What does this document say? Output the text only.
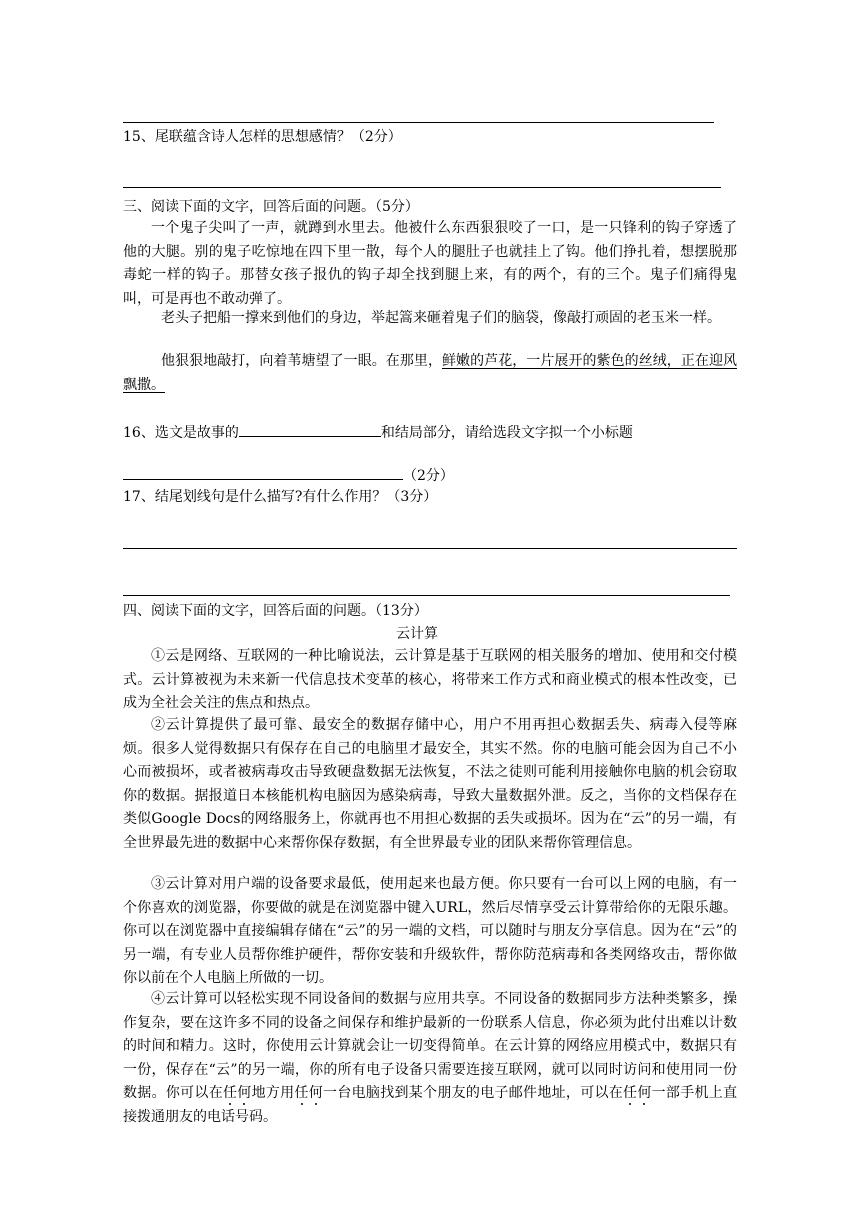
15、尾联蕴含诗人怎样的思想感情？（2分）
三、阅读下面的文字，回答后面的问题。（5分）
一个鬼子尖叫了一声，就蹲到水里去。他被什么东西狠狠咬了一口，是一只锋利的钩子穿透了他的大腿。别的鬼子吃惊地在四下里一散，每个人的腿肚子也就挂上了钩。他们挣扎着，想摆脱那毒蛇一样的钩子。那替女孩子报仇的钩子却全找到腿上来，有的两个，有的三个。鬼子们痛得鬼叫，可是再也不敢动弹了。
老头子把船一撑来到他们的身边，举起篙来砸着鬼子们的脑袋，像敲打顽固的老玉米一样。
他狠狠地敲打，向着苇塘望了一眼。在那里，鲜嫩的芦花，一片展开的紫色的丝绒，正在迎风飘撒。
16、选文是故事的	和结局部分，请给选段文字拟一个小标题
（2分）
17、结尾划线句是什么描写?有什么作用？（3分）
四、阅读下面的文字，回答后面的问题。（13分）
云计算
①云是网络、互联网的一种比喻说法，云计算是基于互联网的相关服务的增加、使用和交付模式。云计算被视为未来新一代信息技术变革的核心，将带来工作方式和商业模式的根本性改变，已成为全社会关注的焦点和热点。
②云计算提供了最可靠、最安全的数据存储中心，用户不用再担心数据丢失、病毒入侵等麻烦。很多人觉得数据只有保存在自己的电脑里才最安全，其实不然。你的电脑可能会因为自己不小心而被损坏，或者被病毒攻击导致硬盘数据无法恢复，不法之徒则可能利用接触你电脑的机会窃取你的数据。据报道日本核能机构电脑因为感染病毒，导致大量数据外泄。反之，当你的文档保存在类似Google Docs的网络服务上，你就再也不用担心数据的丢失或损坏。因为在“云”的另一端，有全世界最先进的数据中心来帮你保存数据，有全世界最专业的团队来帮你管理信息。
③云计算对用户端的设备要求最低，使用起来也最方便。你只要有一台可以上网的电脑，有一个你喜欢的浏览器，你要做的就是在浏览器中键入URL，然后尽情享受云计算带给你的无限乐趣。你可以在浏览器中直接编辑存储在“云”的另一端的文档，可以随时与朋友分享信息。因为在“云”的另一端，有专业人员帮你维护硬件，帮你安装和升级软件，帮你防范病毒和各类网络攻击，帮你做你以前在个人电脑上所做的一切。
④云计算可以轻松实现不同设备间的数据与应用共享。不同设备的数据同步方法种类繁多，操作复杂，要在这许多不同的设备之间保存和维护最新的一份联系人信息，你必须为此付出难以计数的时间和精力。这时，你使用云计算就会让一切变得简单。在云计算的网络应用模式中，数据只有一份，保存在“云”的另一端，你的所有电子设备只需要连接互联网，就可以同时访问和使用同一份数据。你可以在任何地方用任何一台电脑找到某个朋友的电子邮件地址，可以在任何一部手机上直接拨通朋友的电话号码。
